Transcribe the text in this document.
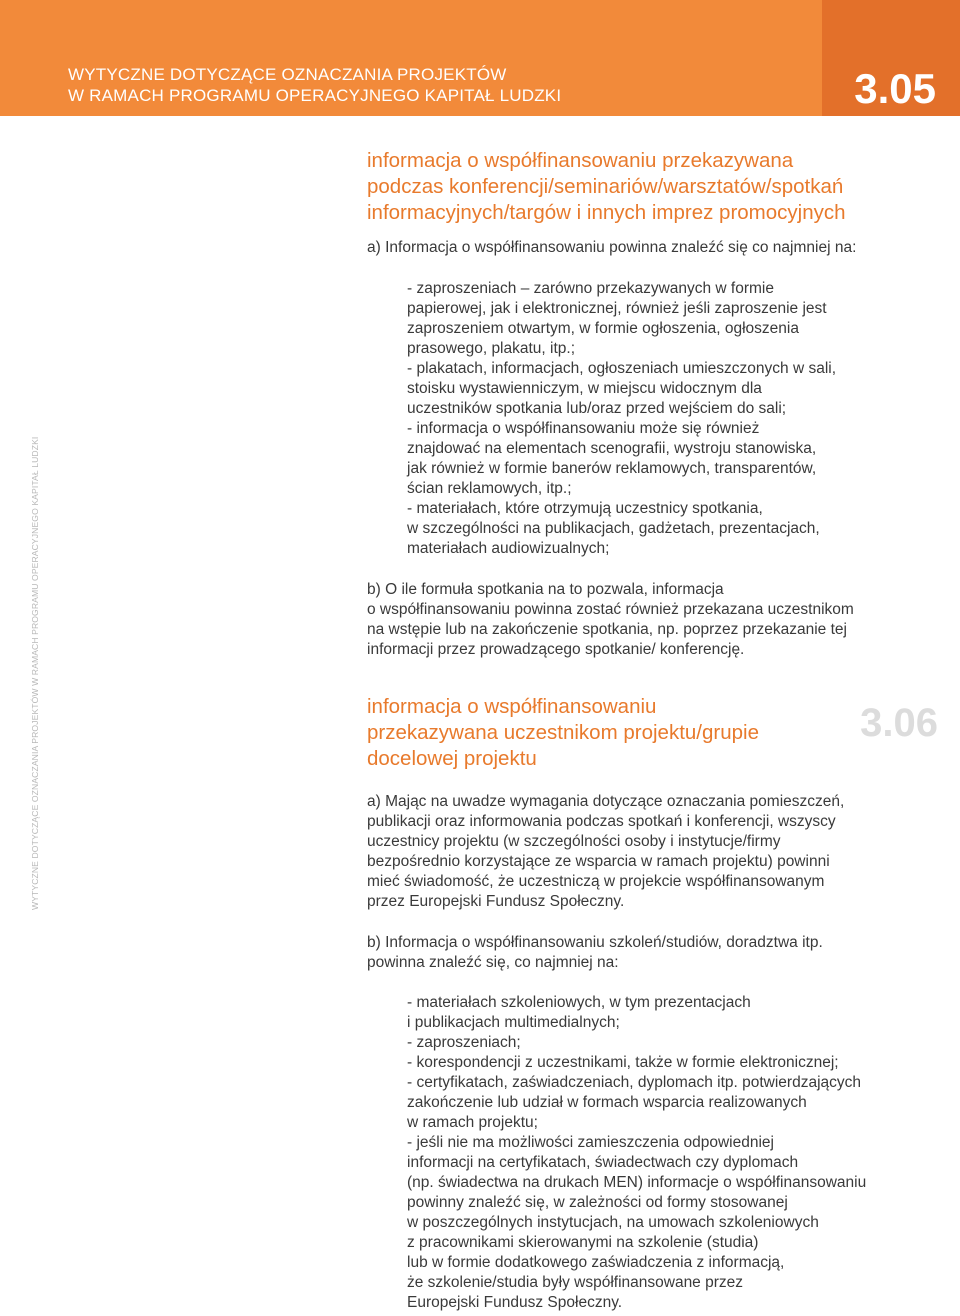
WYTYCZNE DOTYCZĄCE OZNACZANIA PROJEKTÓW
W RAMACH PROGRAMU OPERACYJNEGO KAPITAŁ LUDZKI	3.05
WYTYCZNE DOTYCZĄCE OZNACZANIA PROJEKTÓW W RAMACH PROGRAMU OPERACYJNEGO KAPITAŁ LUDZKI
informacja o współfinansowaniu przekazywana
podczas konferencji/seminariów/warsztatów/spotkań
informacyjnych/targów i innych imprez promocyjnych

a) Informacja o współfinansowaniu powinna znaleźć się co najmniej na:

- zaproszeniach – zarówno przekazywanych w formie
papierowej, jak i elektronicznej, również jeśli zaproszenie jest
zaproszeniem otwartym, w formie ogłoszenia, ogłoszenia
prasowego, plakatu, itp.;
- plakatach, informacjach, ogłoszeniach umieszczonych w sali,
stoisku wystawienniczym, w miejscu widocznym dla
uczestników spotkania lub/oraz przed wejściem do sali;
- informacja o współfinansowaniu może się również
znajdować na elementach scenografii, wystroju stanowiska,
jak również w formie banerów reklamowych, transparentów,
ścian reklamowych, itp.;
- materiałach, które otrzymują uczestnicy spotkania,
w szczególności na publikacjach, gadżetach, prezentacjach,
materiałach audiowizualnych;

b) O ile formuła spotkania na to pozwala, informacja

o współfinansowaniu powinna zostać również przekazana uczestnikom

na wstępie lub na zakończenie spotkania, np. poprzez przekazanie tej

informacji przez prowadzącego spotkanie/ konferencję.

3.06
informacja o współfinansowaniu
przekazywana uczestnikom projektu/grupie
docelowej projektu

a) Mając na uwadze wymagania dotyczące oznaczania pomieszczeń,

publikacji oraz informowania podczas spotkań i konferencji, wszyscy

uczestnicy projektu (w szczególności osoby i instytucje/firmy

bezpośrednio korzystające ze wsparcia w ramach projektu) powinni

mieć świadomość, że uczestniczą w projekcie współfinansowanym

przez Europejski Fundusz Społeczny.

b) Informacja o współfinansowaniu szkoleń/studiów, doradztwa itp.

powinna znaleźć się, co najmniej na:

- materiałach szkoleniowych, w tym prezentacjach
i publikacjach multimedialnych;
- zaproszeniach;
- korespondencji z uczestnikami, także w formie elektronicznej;
- certyfikatach, zaświadczeniach, dyplomach itp. potwierdzających
zakończenie lub udział w formach wsparcia realizowanych
w ramach projektu;
- jeśli nie ma możliwości zamieszczenia odpowiedniej
informacji na certyfikatach, świadectwach czy dyplomach
(np. świadectwa na drukach MEN) informacje o współfinansowaniu
powinny znaleźć się, w zależności od formy stosowanej
w poszczególnych instytucjach, na umowach szkoleniowych
z pracownikami skierowanymi na szkolenie (studia)
lub w formie dodatkowego zaświadczenia z informacją,
że szkolenie/studia były współfinansowane przez
Europejski Fundusz Społeczny.
